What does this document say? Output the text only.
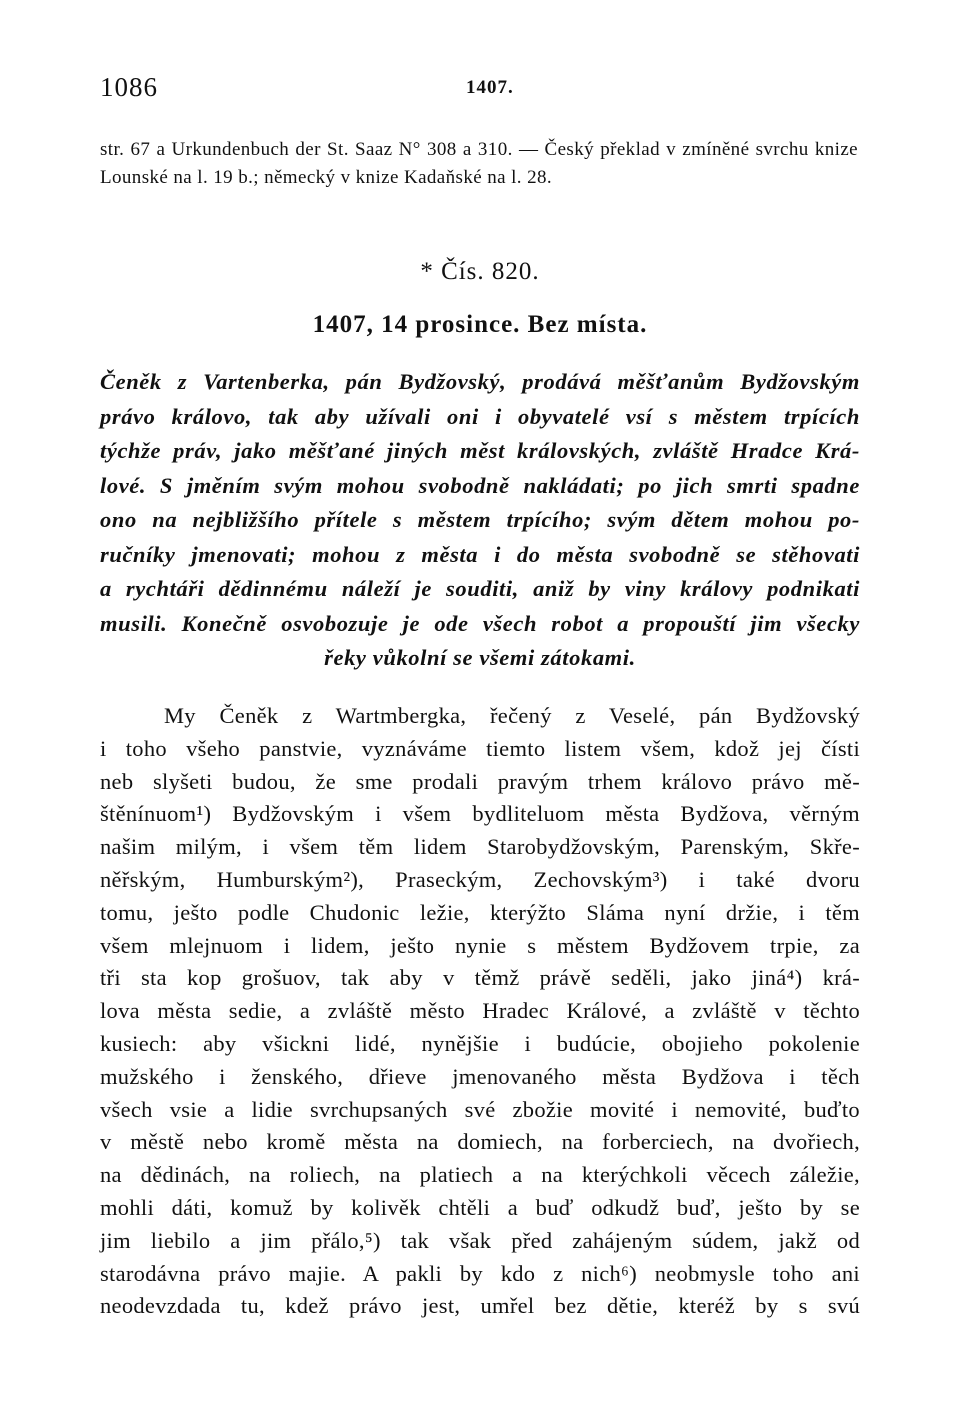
1086	1407.
str. 67 a Urkundenbuch der St. Saaz N° 308 a 310. — Český překlad v zmíněné svrchu knize Lounské na l. 19 b.; německý v knize Kadaňské na l. 28.
* Čís. 820.
1407, 14 prosince. Bez místa.
Čeněk z Vartenberka, pán Bydžovský, prodává měšťanům Bydžovským
právo královo, tak aby užívali oni i obyvatelé vsí s městem trpících
týchže práv, jako měšťané jiných měst královských, zvláště Hradce Krá-
lové. S jměním svým mohou svobodně nakládati; po jich smrti spadne
ono na nejbližšího přítele s městem trpícího; svým dětem mohou po-
ručníky jmenovati; mohou z města i do města svobodně se stěhovati
a rychtáři dědinnému náleží je souditi, aniž by viny královy podnikati
musili. Konečně osvobozuje je ode všech robot a propouští jim všecky
řeky vůkolní se všemi zátokami.
My Čeněk z Wartmbergka, řečený z Veselé, pán Bydžovský
i toho všeho panstvie, vyznáváme tiemto listem všem, kdož jej čísti
neb slyšeti budou, že sme prodali pravým trhem královo právo mě-
štěnínuom¹) Bydžovským i všem bydliteluom města Bydžova, věrným
našim milým, i všem těm lidem Starobydžovským, Parenským, Skře-
něřským, Humburským²), Praseckým, Zechovským³) i také dvoru
tomu, ješto podle Chudonic ležie, kterýžto Sláma nyní držie, i těm
všem mlejnuom i lidem, ješto nynie s městem Bydžovem trpie, za
tři sta kop grošuov, tak aby v těmž právě seděli, jako jiná⁴) krá-
lova města sedie, a zvláště město Hradec Králové, a zvláště v těchto
kusiech: aby všickni lidé, nynějšie i budúcie, obojieho pokolenie
mužského i ženského, dřieve jmenovaného města Bydžova i těch
všech vsie a lidie svrchupsaných své zbožie movité i nemovité, buďto
v městě nebo kromě města na domiech, na forberciech, na dvořiech,
na dědinách, na roliech, na platiech a na kterýchkoli věcech záležie,
mohli dáti, komuž by kolivěk chtěli a buď odkudž buď, ješto by se
jim liebilo a jim přálo,⁵) tak však před zahájeným súdem, jakž od
starodávna právo majie. A pakli by kdo z nich⁶) neobmysle toho ani
neodevzdada tu, kdež právo jest, umřel bez dětie, kteréž by s svú
